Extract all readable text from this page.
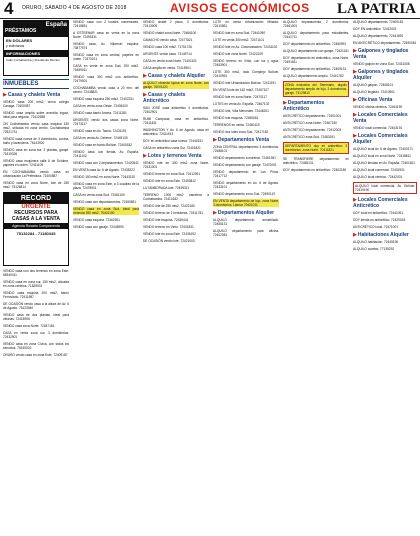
4 ORURO, SÁBADO 4 DE AGOSTO DE 2018	AVISOS ECONÓMICOS LA PATRIA
España
PRÉSTAMOS
EN DÓLARES
y bolivianos
INFORMACIONES
Calle Cochabamba y Presidente Montes
INMUEBLES
▶Casas y chalets Venta
VENDO casa 200 mts2, cerca colegio Canaga. 72400087
VENDO casa amplia sobre avenida Ingavi, ideal para negocio. 72412588
ON Cochabamba vendo casa esquina 150 mts2, ubicada en zona centro. Cochabamba 72521731
VENDO casa nueva de 3 dormitorios, cocina, baño y lavandería. 76143920
VENDO casa en zona sur, 3 plantas, garaje. 71815326
VENDO casa esquinera calle 6 de Octubre, papeles en orden. 72411109
EN COCHABAMBA vendo casa en urbanización La Prefectura. 72400587
VENDO casa en zona Norte, lote de 280 mts2. 75126814
RECORD
URGENTE
RECURSOS PARA
CASAS A LA VENTA
Agencia Rosario Compraventa
75132284 - 71180345
VENDO casa con dos terrenos en zona Este. 68340411
VENDO casa en zona sur, 150 mts2, ubicada en zona céntrica. 71829001
VENDO casa esquina 200 mts2, barrio Ferroviario. 72411987
DE OCASIÓN vendo casa a la altura de Av. 6 de Agosto. 76123540
VENDO casa de dos plantas, ideal para oficinas. 72418906
VENDO casa zona Norte. 72457181
CASA en venta zona sur, 3 dormitorios. 72432901
VENDO casa en zona Cívica, con todos los servicios. 76150002
ORURO vendo casa en zona Este. 72409187
VENDO casa con 2 locales comerciales. 72418831
A ESTRENAR casa en venta en la zona Norte. 72493331
VENDO casa, Av. Villarroel esquina. 73877574
VENDO casa en zona central, papeles en orden. 72470221
CASA en venta en zona Sud, 200 mts2. 71859011
VENDO casa 300 mts2 con anticrético. 72479001
COCHABAMBA vendo casa a 20 min. del centro. 72438821
VENDO casa esquina 250 mts2. 72402231
CASA en venta zona Oeste. 72408100
VENDO casa barrio Aroma. 72411281
URGENTE vendo dos casas zona Norte. 72473117
VENDO casa en Av. Tacna. 72431191
CASA en venta Av. Dehene. 72445130
VENDO casa en barrio Bolívar. 72400182
VENDO casa con tienda, Av. España. 72411102
VENDO casa con 2 departamentos. 72420541
EN VENTA casa Av. 6 de Agosto. 72435222
VENDO 150 mts2 en zona Norte. 72443192
VENDO casa en zona Este, a 3 cuadras de la plaza. 72478901
CASA en venta zona Sud. 72461100
VENDO casa con departamentos. 72450891
VENDO casa en zona Sud, ideal para vivienda 350 mts2. 70401190
VENDO casa esquina. 72462301
VENDO casa con garaje. 72445990
VENDO chalet 2 pisos, 3 dormitorios. 72413009
VENDO chalet zona Norte. 72466100
CAMACHO vendo casa. 72477821
VENDO casa 100 mts2. 71751726
URGENTE vendo casa. 73145714
CASA en venta zona Norte. 71401101
CASA amplia en venta. 72415901
▶Casas y chalets Alquiler
ALQUILO vivienda lujosa en zona Norte, con garaje. 76001120
▶Casas y chalets Anticrético
SAN JOSÉ casa anticrético 4 dormitorios. 72402901
RUMI Campana, casa en anticrético. 72411811
WASHINGTON Y Av. 6 de Agosto, casa en anticrético. 72411913
DOY en anticrético casa nueva. 72441531
CASA en anticrético zona Sur. 72401821
▶Lotes y terrenos Venta
VENDO lote de 300 mts2 zona Norte. 72431001
VENDO terreno en zona Sud. 72412091
VENDO lote en zona Este. 72453812
LA TAMBORADA lote. 72495311
TERRENO 1000 mts2 carretera a Cochabamba. 72410182
VENDO lote de 250 mts2. 72422180
VENDO terreno de 2 hectáreas. 72411781
VENDO lote esquina. 72430441
VENDO terreno en Vinto. 72401831
VENDO lote en zona Este. 72436192
DE OCASIÓN vendo lote. 72421003
LOTE en venta Urbanización Mirador. 72410891
VENDO lote en zona Sud. 72441090
LOTE en venta 300 mts2. 72471101
VENDO lote en Av. Circunvalación. 72431102
VENDO lote zona Norte. 72422109
VENDO terreno en Vinto, con luz y agua. 72453901
LOTE 300 mts2, lado Complejo Bolívar. 72410991
VENDO lote Urbanización Bolívar. 72411191
EN VENTA lote de 162 mts2. 72467107
VENDO lote en zona Norte. 72470117
LOTES en venta Av. España. 72467102
VENDO lote, Villa Mercedes. 72446201
VENDO lote esquina. 72455061
TERRENOS en venta. 72460119
VENDO dos lotes zona Sud. 72417182
▶Departamentos Venta
ZONA CENTRAL departamento 3 dormitorios. 72488101
VENDO departamento a estrenar. 72461391
VENDO departamento con garaje. 72470091
VENDO departamento en Los Pinos. 72417712
VENDO departamento en Av. 6 de Agosto. 72433101
VENDO departamento zona Sud. 72490119
EN VENTA departamento de lujo, zona Norte, 3 dormitorios. Llamar 70421011
▶Departamentos Alquiler
ALQUILO departamento amueblado. 72455131
ALQUILO departamento para oficina. 72402081
ALQUILO departamento 2 dormitorios. 72461001
ALQUILO departamento para estudiantes. 72441711
DOY departamento en anticrético. 72450991
ALQUILO departamento con garaje. 72421181
DOY departamento en anticrético, zona Norte. 72491811
DOY departamento en anticrético. 72409131
ALQUILO departamento amplio. 72441782
ZONA exclusiva del Seminario, alquilo departamento amplio de lujo, 3 dormitorios, garaje. 73129810
▶Departamentos Anticrético
ANTICRÉTICO departamento. 72401001
ANTICRÉTICO zona Norte. 72467150
ANTICRÉTICO departamento. 72412003
ANTICRÉTICO zona Sud. 72483191
DEPARTAMENTO doy en anticrético 3 dormitorios, zona Norte. 70411821
SE TRANSFIERE departamento en anticrético. 72455131
DOY departamento en anticrético. 72402180
ALQUILO departamento. 72400181
DOY EN anticrético. 72412001
ALQUILO departamento. 72441891
EN ANTICRÉTICO departamento. 72490081
▶Galpones y tinglados Venta
VENDO galpón en zona Sud. 72431008
▶Galpones y tinglados Alquiler
ALQUILO galpón. 72408101
ALQUILO tinglado. 72410901
▶Oficinas Venta
VENDO oficina céntrica. 72461190
▶Locales Comerciales Venta
VENDO local comercial. 72443191
▶Locales Comerciales Alquiler
ALQUILO local Av. 6 de Agosto. 72400171
ALQUILO local en zona Norte. 72418811
ALQUILO tiendas en Av. España. 72401811
ALQUILO local comercial. 72431901
ALQUILO local céntrico. 72442001
ALQUILO local comercial, Av. Bolívar. 72419190
▶Locales Comerciales Anticrético
DOY local en anticrético. 72441091
DOY tienda en anticrético. 72420018
ANTICRÉTICO local. 72471001
▶Habitaciones Alquiler
ALQUILO habitación. 72445190
ALQUILO cuartos. 77135292
